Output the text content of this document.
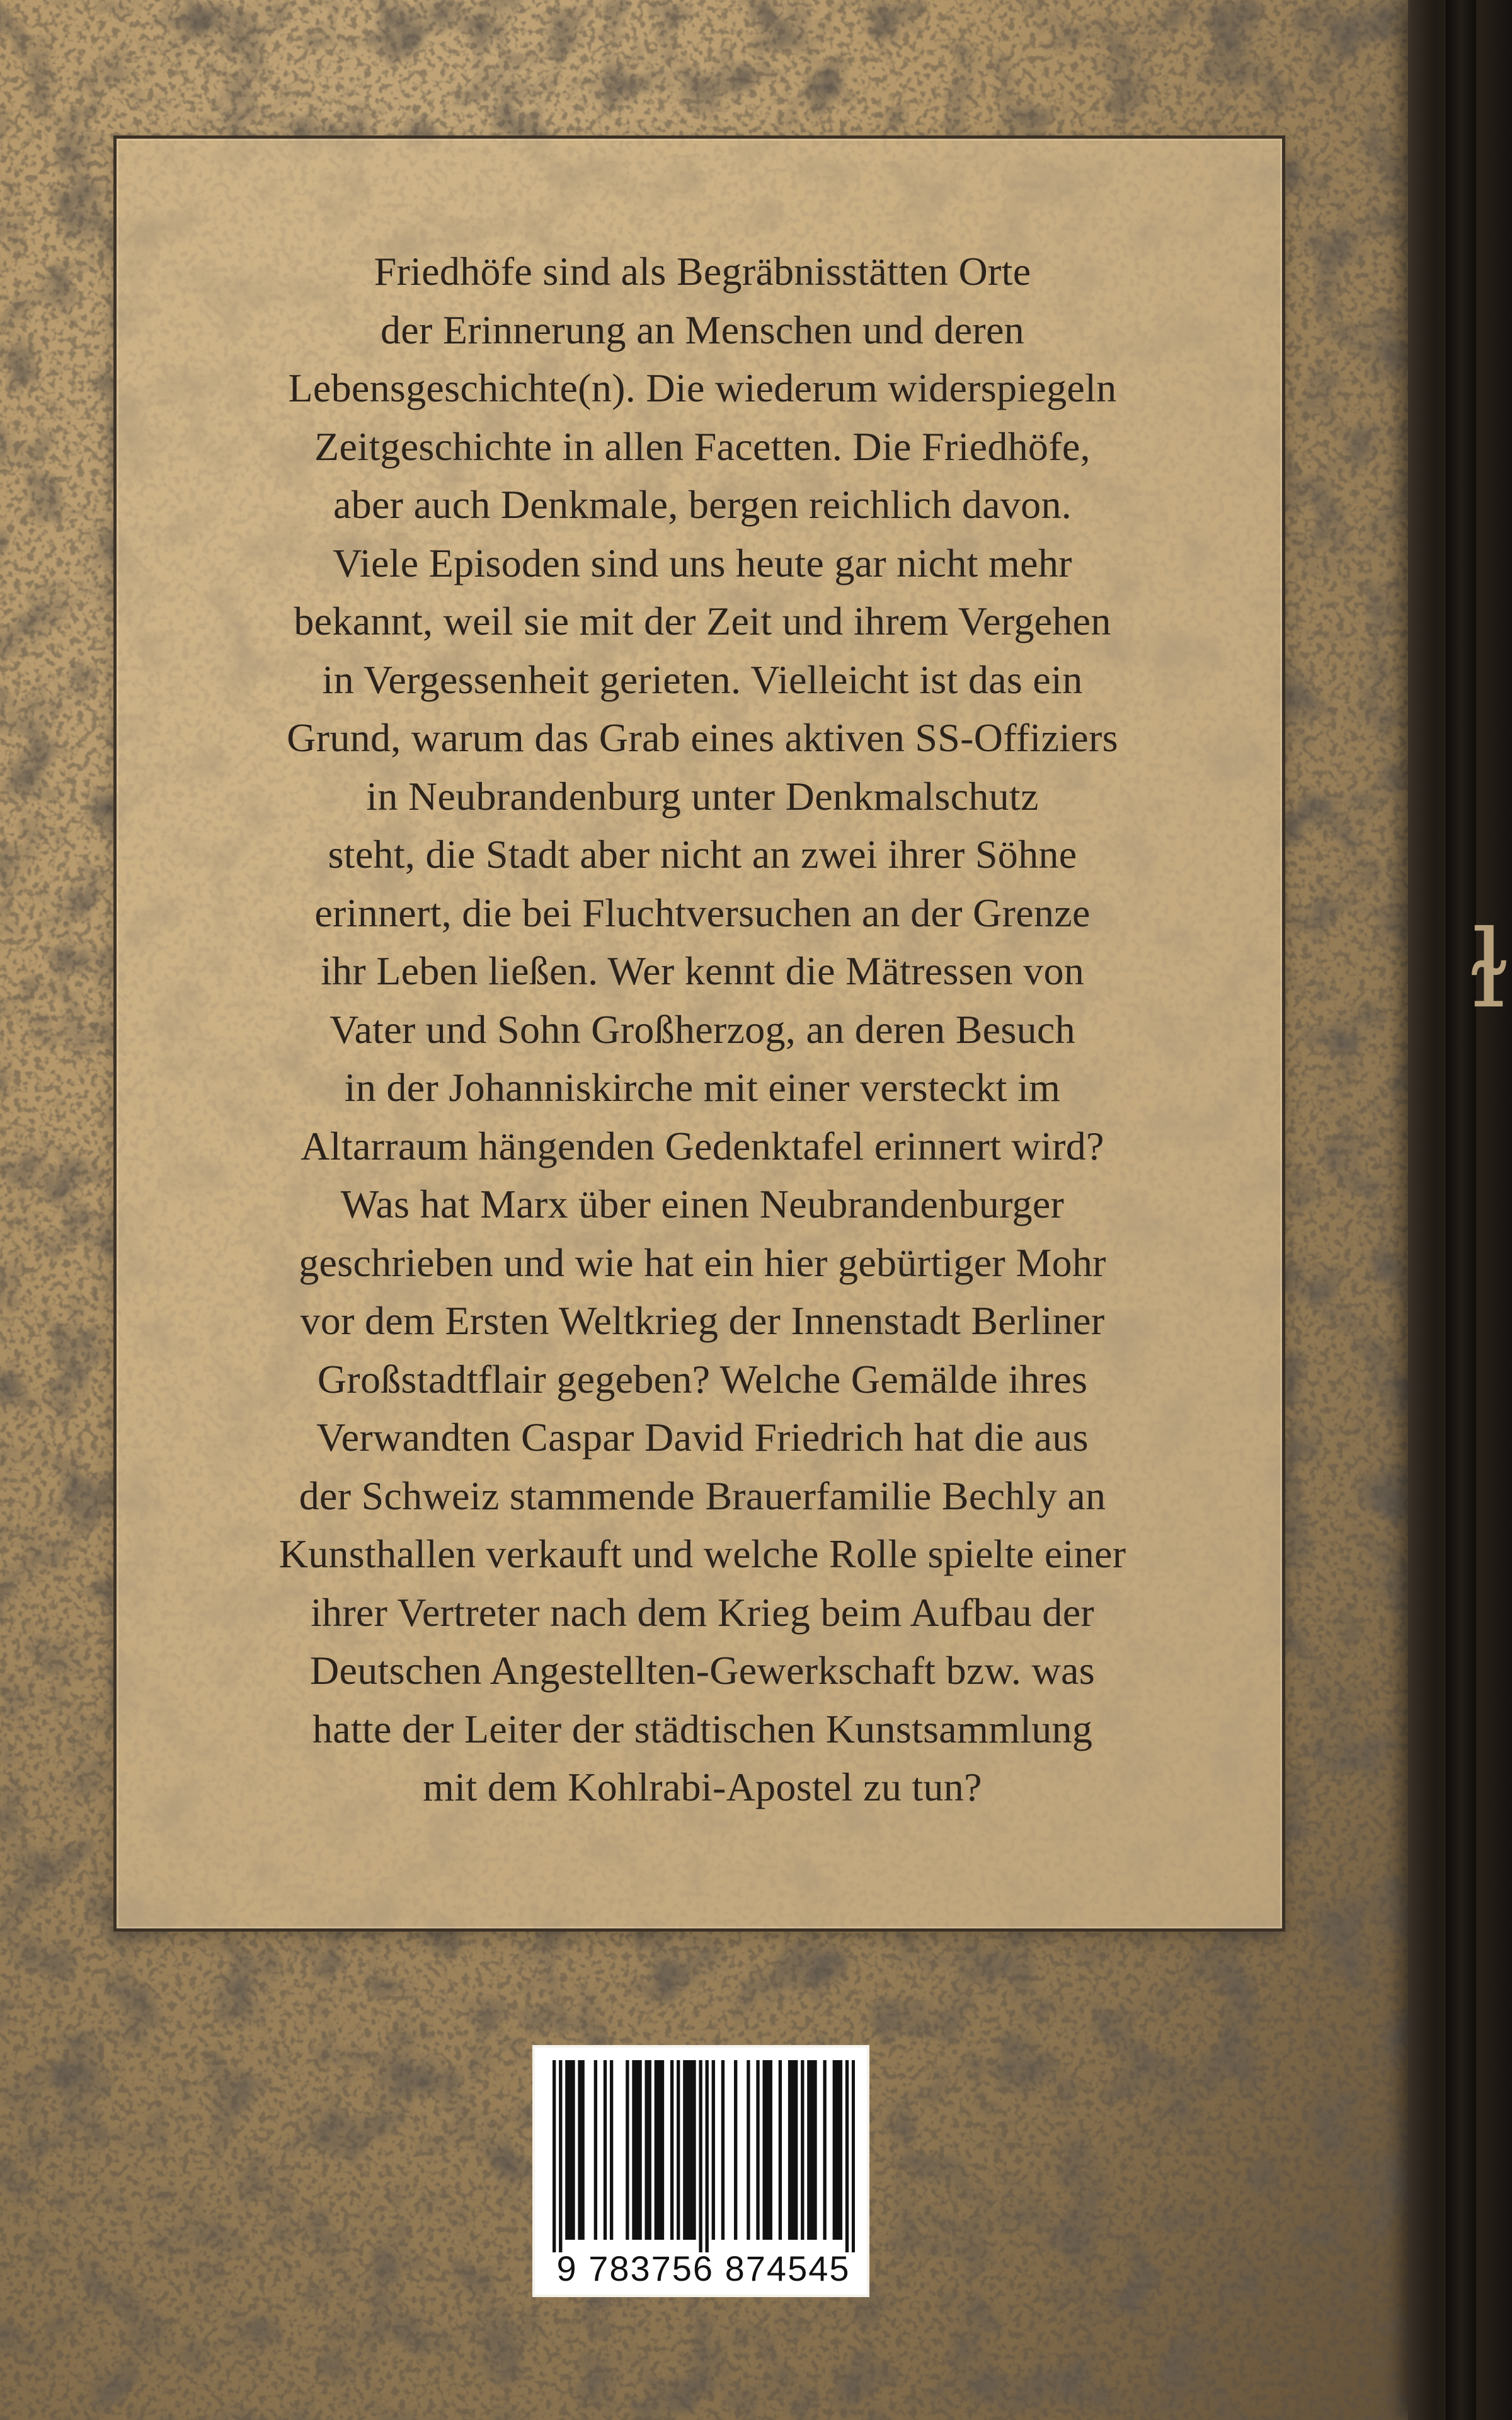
ɫ

Friedhöfe sind als Begräbnisstätten Orte
der Erinnerung an Menschen und deren
Lebensgeschichte(n). Die wiederum widerspiegeln
Zeitgeschichte in allen Facetten. Die Friedhöfe,
aber auch Denkmale, bergen reichlich davon.
Viele Episoden sind uns heute gar nicht mehr
bekannt, weil sie mit der Zeit und ihrem Vergehen
in Vergessenheit gerieten. Vielleicht ist das ein
Grund, warum das Grab eines aktiven SS-Offiziers
in Neubrandenburg unter Denkmalschutz
steht, die Stadt aber nicht an zwei ihrer Söhne
erinnert, die bei Fluchtversuchen an der Grenze
ihr Leben ließen. Wer kennt die Mätressen von
Vater und Sohn Großherzog, an deren Besuch
in der Johanniskirche mit einer versteckt im
Altarraum hängenden Gedenktafel erinnert wird?
Was hat Marx über einen Neubrandenburger
geschrieben und wie hat ein hier gebürtiger Mohr
vor dem Ersten Weltkrieg der Innenstadt Berliner
Großstadtflair gegeben? Welche Gemälde ihres
Verwandten Caspar David Friedrich hat die aus
der Schweiz stammende Brauerfamilie Bechly an
Kunsthallen verkauft und welche Rolle spielte einer
ihrer Vertreter nach dem Krieg beim Aufbau der
Deutschen Angestellten-Gewerkschaft bzw. was
hatte der Leiter der städtischen Kunstsammlung
mit dem Kohlrabi-Apostel zu tun?

9 783756 874545
